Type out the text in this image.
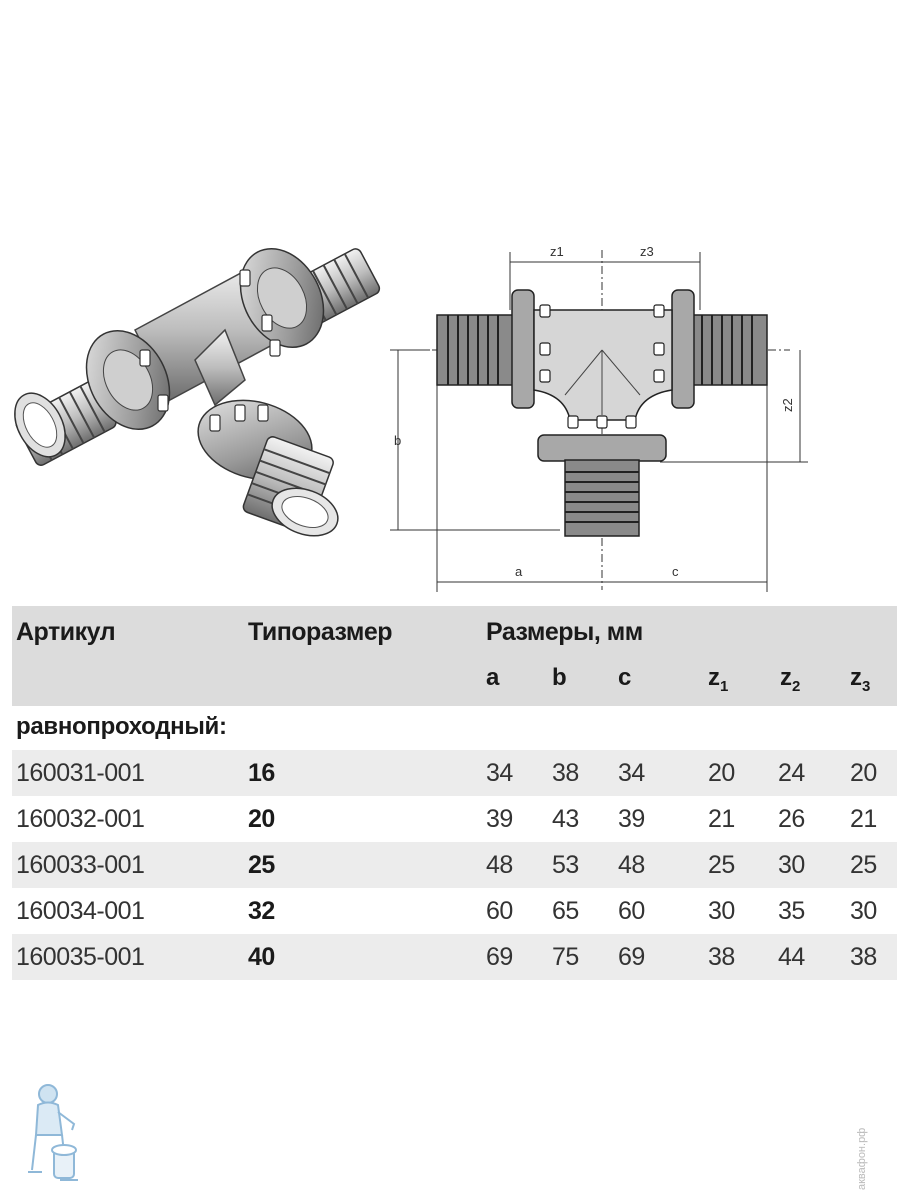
z1	z3
b
z2
a	c
Артикул	Типоразмер	Размеры, мм
a b c	$z_1$ $z_2$ $z_3$
равнопроходный:
160031-001	16	34 38 34	20 24 20
160032-001	20	39 43 39	21 26 21
160033-001	25	48 53 48	25 30 25
160034-001	32	60 65 60	30 35 30
160035-001	40	69 75 69	38 44 38
аквафон.рф
